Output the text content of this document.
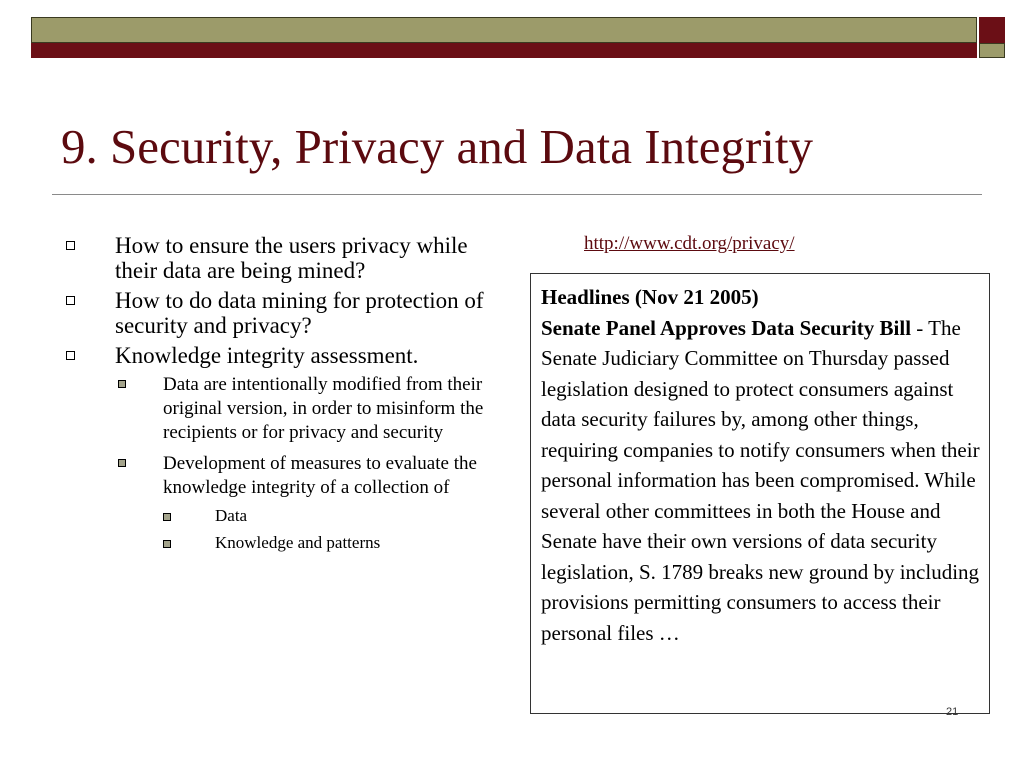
9. Security, Privacy and Data Integrity
How to ensure the users privacy while their data are being mined?
How to do data mining for protection of security and privacy?
Knowledge integrity assessment.
Data are intentionally modified from their original version, in order to misinform the recipients or for privacy and security
Development of measures to evaluate the knowledge integrity of a collection of
Data
Knowledge and patterns
http://www.cdt.org/privacy/
Headlines (Nov 21 2005)
Senate Panel Approves Data Security Bill - The Senate Judiciary Committee on Thursday passed legislation designed to protect consumers against data security failures by, among other things, requiring companies to notify consumers when their personal information has been compromised. While several other committees in both the House and Senate have their own versions of data security legislation, S. 1789 breaks new ground by including provisions permitting consumers to access their personal files …
21
